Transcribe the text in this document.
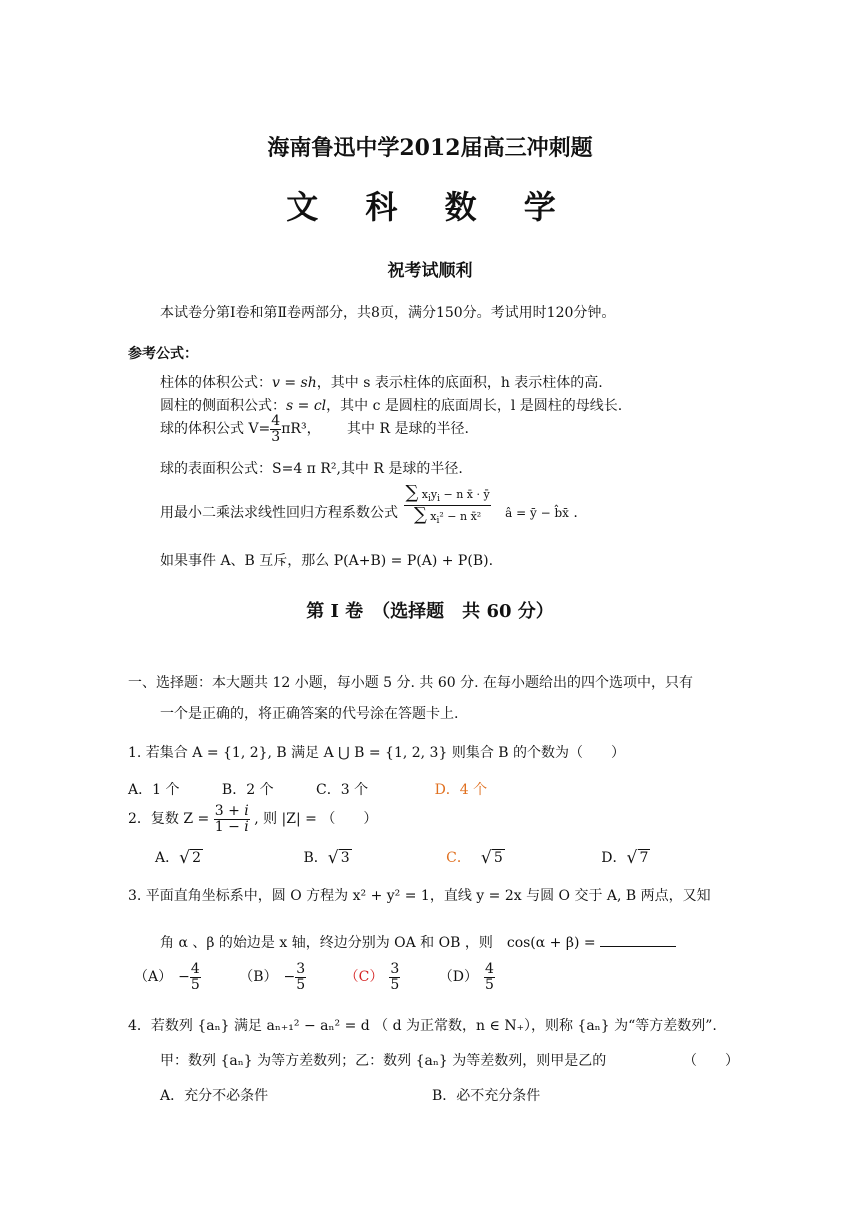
海南鲁迅中学2012届高三冲刺题
文 科 数 学
祝考试顺利
本试卷分第Ⅰ卷和第Ⅱ卷两部分，共8页，满分150分。考试用时120分钟。
参考公式：
柱体的体积公式：v = sh，其中 s 表示柱体的底面积，h 表示柱体的高.
圆柱的侧面积公式：s = cl，其中 c 是圆柱的底面周长，l 是圆柱的母线长.
球的体积公式 $V= \frac{4}{3} \pi R^3$， 其中 R 是球的半径.
球的表面积公式：S=4 π R²,其中 R 是球的半径.
用最小二乘法求线性回归方程系数公式 $\frac{\sum x_iy_i - n x̄ \cdot ȳ}{\sum x_i^2 - n x̄^2}$ â = ȳ − b̂x̄ .
如果事件 A、B 互斥，那么 P(A+B) = P(A) + P(B).
第 I 卷　（选择题　共 60 分）
一、选择题：本大题共 12 小题，每小题 5 分. 共 60 分. 在每小题给出的四个选项中，只有
一个是正确的，将正确答案的代号涂在答题卡上.
1. 若集合 A = {1, 2}, B 满足 A ⋃ B = {1, 2, 3} 则集合 B 的个数为（　　）
A．1 个	B．2 个	C．3 个	D．4 个
2．复数 $Z = \frac{3 + i}{1 - i}$ , 则 |Z| = （　　）
A． √ 2	B． √ 3	C． √ 5	D． √ 7
3. 平面直角坐标系中，圆 O 方程为 x² + y² = 1，直线 y = 2x 与圆 O 交于 A, B 两点，又知
角 α 、β 的始边是 x 轴，终边分别为 OA 和 OB ，则　cos(α + β) =
$(A) - \frac{4}{5}$	$(B) - \frac{3}{5}$	$(C) \frac{3}{5}$	$(D) \frac{4}{5}$
4．若数列 {aₙ} 满足 aₙ₊₁² − aₙ² = d （ d 为正常数，n ∈ N₊），则称 {aₙ} 为“等方差数列”.
甲：数列 {aₙ} 为等方差数列；乙：数列 {aₙ} 为等差数列，则甲是乙的	（　　）
A．充分不必条件	B．必不充分条件
